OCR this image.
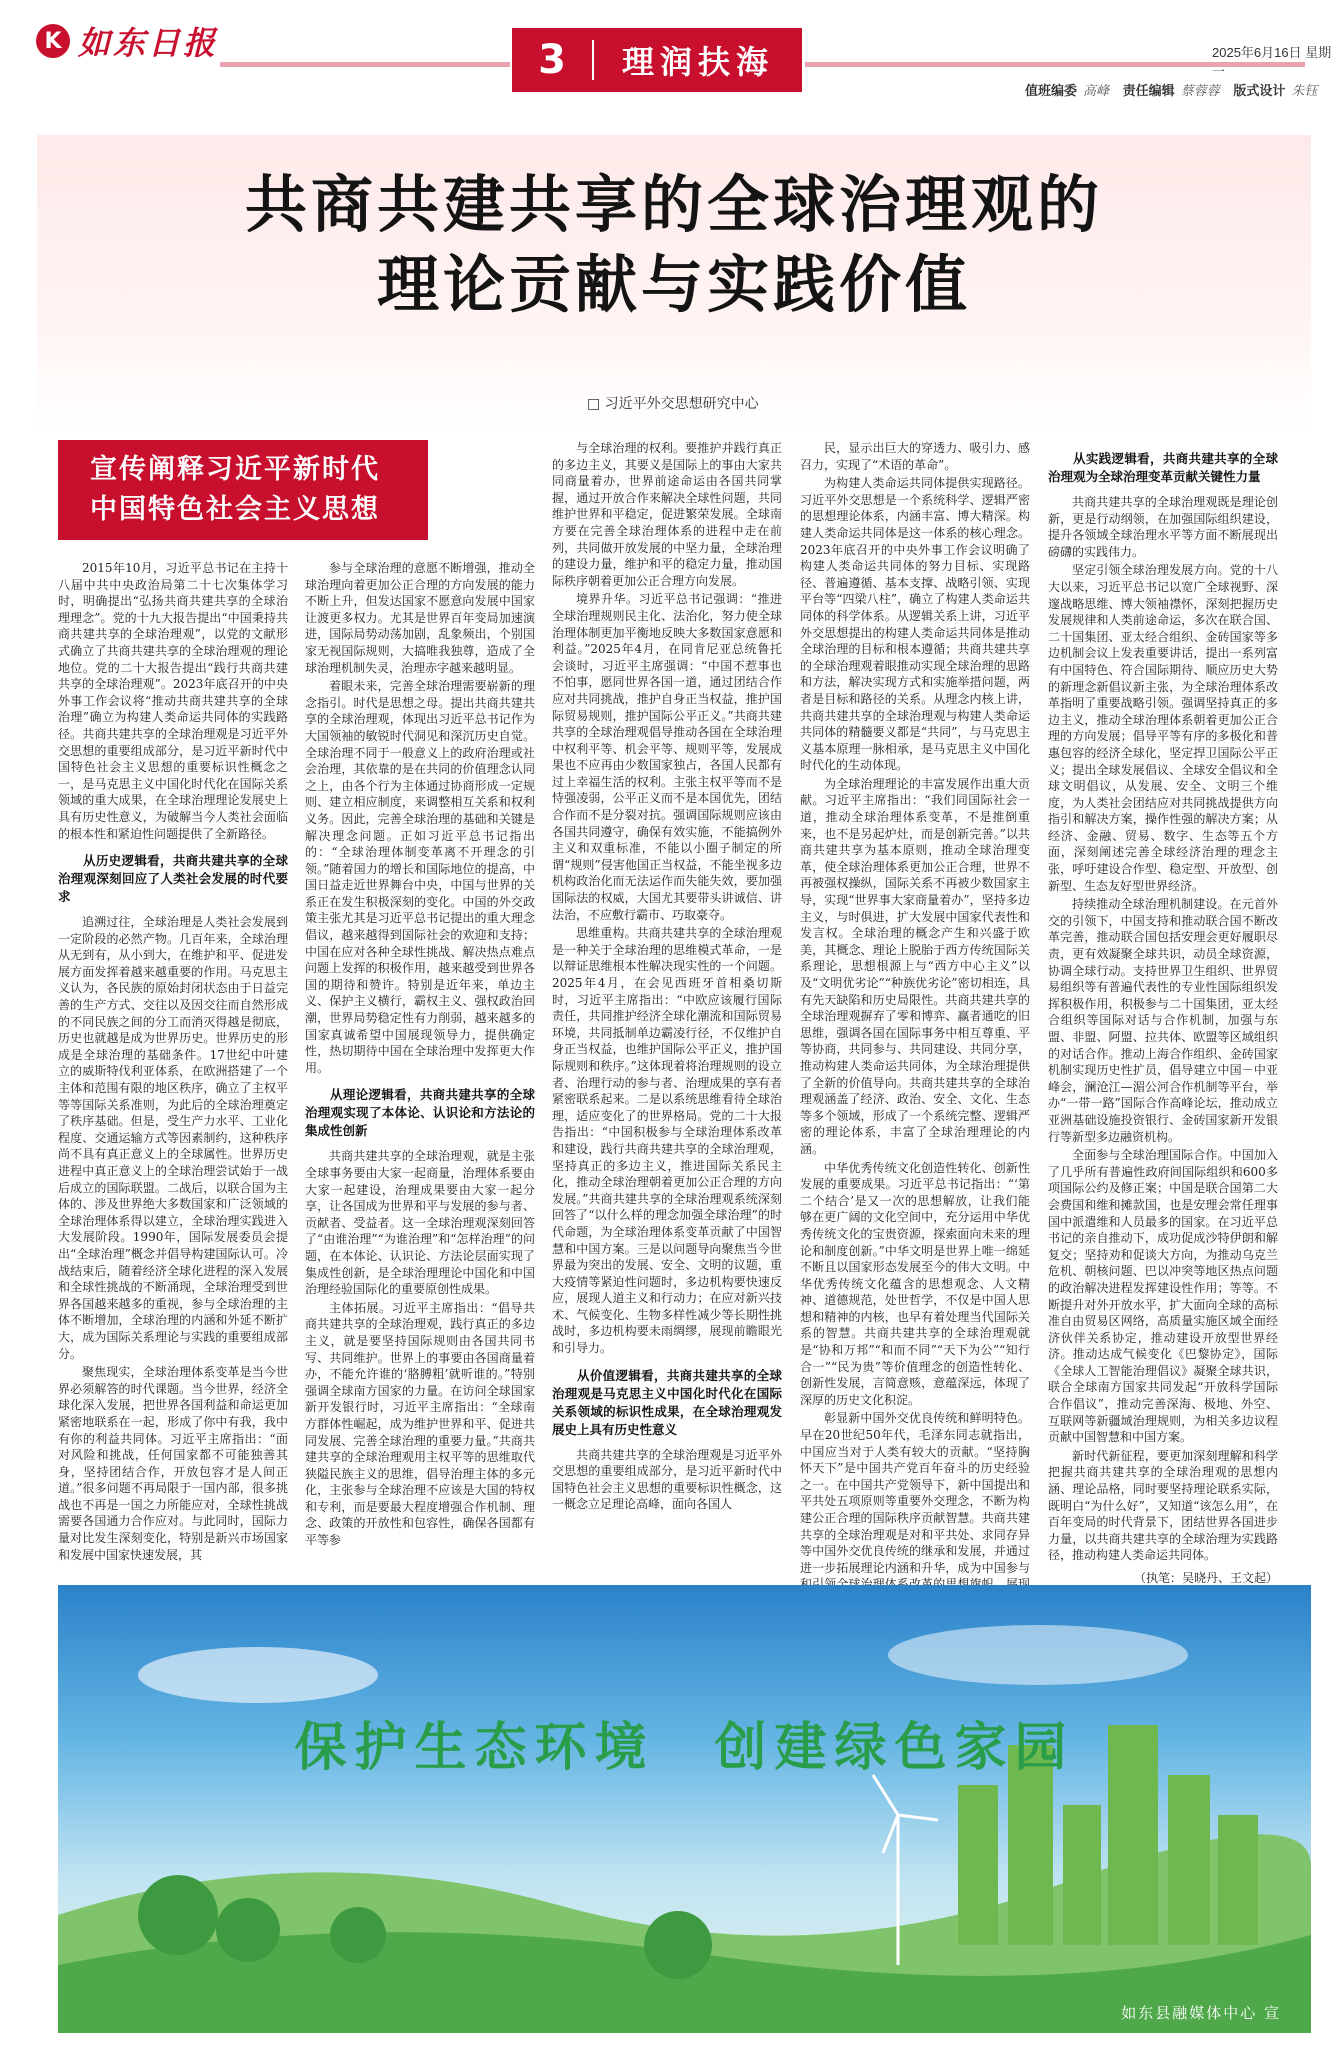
K 如东日报	3	理润扶海	2025年6月16日 星期一
值班编委 高峰 责任编辑 蔡蓉蓉 版式设计 朱钰
共商共建共享的全球治理观的
理论贡献与实践价值
□ 习近平外交思想研究中心
宣传阐释习近平新时代
中国特色社会主义思想

2015年10月，习近平总书记在主持十八届中共中央政治局第二十七次集体学习时，明确提出“弘扬共商共建共享的全球治理理念”。党的十九大报告提出“中国秉持共商共建共享的全球治理观”，以党的文献形式确立了共商共建共享的全球治理观的理论地位。党的二十大报告提出“践行共商共建共享的全球治理观”。2023年底召开的中央外事工作会议将“推动共商共建共享的全球治理”确立为构建人类命运共同体的实践路径。共商共建共享的全球治理观是习近平外交思想的重要组成部分，是习近平新时代中国特色社会主义思想的重要标识性概念之一，是马克思主义中国化时代化在国际关系领域的重大成果，在全球治理理论发展史上具有历史性意义，为破解当今人类社会面临的根本性和紧迫性问题提供了全新路径。

从历史逻辑看，共商共建共享的全球治理观深刻回应了人类社会发展的时代要求

追溯过往，全球治理是人类社会发展到一定阶段的必然产物。几百年来，全球治理从无到有，从小到大，在维护和平、促进发展方面发挥着越来越重要的作用。马克思主义认为，各民族的原始封闭状态由于日益完善的生产方式、交往以及因交往而自然形成的不同民族之间的分工而消灭得越是彻底，历史也就越是成为世界历史。世界历史的形成是全球治理的基础条件。17世纪中叶建立的威斯特伐利亚体系，在欧洲搭建了一个主体和范围有限的地区秩序，确立了主权平等等国际关系准则，为此后的全球治理奠定了秩序基础。但是，受生产力水平、工业化程度、交通运输方式等因素制约，这种秩序尚不具有真正意义上的全球属性。世界历史进程中真正意义上的全球治理尝试始于一战后成立的国际联盟。二战后，以联合国为主体的、涉及世界绝大多数国家和广泛领域的全球治理体系得以建立，全球治理实践进入大发展阶段。1990年，国际发展委员会提出“全球治理”概念并倡导构建国际认可。冷战结束后，随着经济全球化进程的深入发展和全球性挑战的不断涌现，全球治理受到世界各国越来越多的重视，参与全球治理的主体不断增加，全球治理的内涵和外延不断扩大，成为国际关系理论与实践的重要组成部分。

聚焦现实，全球治理体系变革是当今世界必须解答的时代课题。当今世界，经济全球化深入发展，把世界各国利益和命运更加紧密地联系在一起，形成了你中有我，我中有你的利益共同体。习近平主席指出：“面对风险和挑战，任何国家都不可能独善其身，坚持团结合作，开放包容才是人间正道。”很多问题不再局限于一国内部，很多挑战也不再是一国之力所能应对，全球性挑战需要各国通力合作应对。与此同时，国际力量对比发生深刻变化，特别是新兴市场国家和发展中国家快速发展，其

参与全球治理的意愿不断增强，推动全球治理向着更加公正合理的方向发展的能力不断上升，但发达国家不愿意向发展中国家让渡更多权力。尤其是世界百年变局加速演进，国际局势动荡加剧，乱象频出，个别国家无视国际规则，大搞唯我独尊，造成了全球治理机制失灵，治理赤字越来越明显。

着眼未来，完善全球治理需要崭新的理念指引。时代是思想之母。提出共商共建共享的全球治理观，体现出习近平总书记作为大国领袖的敏锐时代洞见和深沉历史自觉。全球治理不同于一般意义上的政府治理或社会治理，其依靠的是在共同的价值理念认同之上，由各个行为主体通过协商形成一定规则、建立相应制度，来调整相互关系和权利义务。因此，完善全球治理的基础和关键是解决理念问题。正如习近平总书记指出的：“全球治理体制变革离不开理念的引领。”随着国力的增长和国际地位的提高，中国日益走近世界舞台中央，中国与世界的关系正在发生积极深刻的变化。中国的外交政策主张尤其是习近平总书记提出的重大理念倡议，越来越得到国际社会的欢迎和支持；中国在应对各种全球性挑战、解决热点难点问题上发挥的积极作用，越来越受到世界各国的期待和赞许。特别是近年来，单边主义、保护主义横行，霸权主义、强权政治回潮，世界局势稳定性有力削弱，越来越多的国家真诚希望中国展现领导力，提供确定性，热切期待中国在全球治理中发挥更大作用。

从理论逻辑看，共商共建共享的全球治理观实现了本体论、认识论和方法论的集成性创新

共商共建共享的全球治理观，就是主张全球事务要由大家一起商量，治理体系要由大家一起建设，治理成果要由大家一起分享，让各国成为世界和平与发展的参与者、贡献者、受益者。这一全球治理观深刻回答了“由谁治理”“为谁治理”和“怎样治理”的问题，在本体论、认识论、方法论层面实现了集成性创新，是全球治理理论中国化和中国治理经验国际化的重要原创性成果。

主体拓展。习近平主席指出：“倡导共商共建共享的全球治理观，践行真正的多边主义，就是要坚持国际规则由各国共同书写、共同维护。世界上的事要由各国商量着办，不能允许谁的‘胳膊粗’就听谁的。”特别强调全球南方国家的力量。在访问全球国家新开发银行时，习近平主席指出：“全球南方群体性崛起，成为维护世界和平、促进共同发展、完善全球治理的重要力量。”共商共建共享的全球治理观用主权平等的思维取代狭隘民族主义的思维，倡导治理主体的多元化，主张参与全球治理不应该是大国的特权和专利，而是要最大程度增强合作机制、理念、政策的开放性和包容性，确保各国都有平等参

与全球治理的权利。要推护并践行真正的多边主义，其要义是国际上的事由大家共同商量着办，世界前途命运由各国共同掌握，通过开放合作来解决全球性问题，共同维护世界和平稳定，促进繁荣发展。全球南方要在完善全球治理体系的进程中走在前列，共同做开放发展的中坚力量，全球治理的建设力量，维护和平的稳定力量，推动国际秩序朝着更加公正合理方向发展。

境界升华。习近平总书记强调：“推进全球治理规则民主化、法治化，努力使全球治理体制更加平衡地反映大多数国家意愿和利益。”2025年4月，在同肯尼亚总统鲁托会谈时，习近平主席强调：“中国不惹事也不怕事，愿同世界各国一道，通过团结合作应对共同挑战，推护自身正当权益，推护国际贸易规则，推护国际公平正义。”共商共建共享的全球治理观倡导推动各国在全球治理中权利平等、机会平等、规则平等，发展成果也不应再由少数国家独占，各国人民都有过上幸福生活的权利。主张主权平等而不是恃强凌弱，公平正义而不是本国优先，团结合作而不是分裂对抗。强调国际规则应该由各国共同遵守，确保有效实施，不能搞例外主义和双重标准，不能以小圈子制定的所谓“规则”侵害他国正当权益，不能坐视多边机构政治化而无法运作而失能失效，要加强国际法的权威，大国尤其要带头讲诚信、讲法治，不应敷行霸市、巧取豪夺。

思维重构。共商共建共享的全球治理观是一种关于全球治理的思维模式革命，一是以辩证思维根本性解决现实性的一个问题。2025年4月，在会见西班牙首相桑切斯时，习近平主席指出：“中欧应该履行国际责任，共同推护经济全球化潮流和国际贸易环境，共同抵制单边霸凌行径，不仅维护自身正当权益，也维护国际公平正义，推护国际规则和秩序。”这体现着将治理规则的设立者、治理行动的参与者、治理成果的享有者紧密联系起来。二是以系统思维看待全球治理，适应变化了的世界格局。党的二十大报告指出：“中国积极参与全球治理体系改革和建设，践行共商共建共享的全球治理观，坚持真正的多边主义，推进国际关系民主化，推动全球治理朝着更加公正合理的方向发展。”共商共建共享的全球治理观系统深刻回答了“以什么样的理念加强全球治理”的时代命题，为全球治理体系变革贡献了中国智慧和中国方案。三是以问题导向聚焦当今世界最为突出的发展、安全、文明的议题，重大疫情等紧迫性问题时，多边机构要快速反应，展现人道主义和行动力；在应对新兴技术、气候变化、生物多样性减少等长期性挑战时，多边机构要未雨绸缪，展现前瞻眼光和引导力。

从价值逻辑看，共商共建共享的全球治理观是马克思主义中国化时代化在国际关系领域的标识性成果，在全球治理观发展史上具有历史性意义

共商共建共享的全球治理观是习近平外交思想的重要组成部分，是习近平新时代中国特色社会主义思想的重要标识性概念，这一概念立足理论高峰，面向各国人

民，显示出巨大的穿透力、吸引力、感召力，实现了“术语的革命”。

为构建人类命运共同体提供实现路径。习近平外交思想是一个系统科学、逻辑严密的思想理论体系，内涵丰富、博大精深。构建人类命运共同体是这一体系的核心理念。2023年底召开的中央外事工作会议明确了构建人类命运共同体的努力目标、实现路径、普遍遵循、基本支撑、战略引领、实现平台等“四梁八柱”，确立了构建人类命运共同体的科学体系。从逻辑关系上讲，习近平外交思想提出的构建人类命运共同体是推动全球治理的目标和根本遵循；共商共建共享的全球治理观着眼推动实现全球治理的思路和方法，解决实现方式和实施举措问题，两者是目标和路径的关系。从理念内核上讲，共商共建共享的全球治理观与构建人类命运共同体的精髓要义都是“共同”，与马克思主义基本原理一脉相承，是马克思主义中国化时代化的生动体现。

为全球治理理论的丰富发展作出重大贡献。习近平主席指出：“我们同国际社会一道，推动全球治理体系变革，不是推倒重来，也不是另起炉灶，而是创新完善。”以共商共建共享为基本原则，推动全球治理变革，使全球治理体系更加公正合理，世界不再被强权操纵，国际关系不再被少数国家主导，实现“世界事大家商量着办”，坚持多边主义，与时俱进，扩大发展中国家代表性和发言权。全球治理的概念产生和兴盛于欧美，其概念、理论上脱胎于西方传统国际关系理论，思想根源上与“西方中心主义”以及“文明优劣论”“种族优劣论”密切相连，具有先天缺陷和历史局限性。共商共建共享的全球治理观摒弃了零和博弈、赢者通吃的旧思维，强调各国在国际事务中相互尊重、平等协商，共同参与、共同建设、共同分享，推动构建人类命运共同体，为全球治理提供了全新的价值导向。共商共建共享的全球治理观涵盖了经济、政治、安全、文化、生态等多个领域，形成了一个系统完整、逻辑严密的理论体系，丰富了全球治理理论的内涵。

中华优秀传统文化创造性转化、创新性发展的重要成果。习近平总书记指出：“‘第二个结合’是又一次的思想解放，让我们能够在更广阔的文化空间中，充分运用中华优秀传统文化的宝贵资源，探索面向未来的理论和制度创新。”中华文明是世界上唯一绵延不断且以国家形态发展至今的伟大文明。中华优秀传统文化蕴含的思想观念、人文精神、道德规范，处世哲学，不仅是中国人思想和精神的内核，也早有着处理当代国际关系的智慧。共商共建共享的全球治理观就是“协和万邦”“和而不同”“天下为公”“知行合一”“民为贵”等价值理念的创造性转化、创新性发展，言简意赅，意蕴深远，体现了深厚的历史文化积淀。

彰显新中国外交优良传统和鲜明特色。早在20世纪50年代，毛泽东同志就指出，中国应当对于人类有较大的贡献。“坚持胸怀天下”是中国共产党百年奋斗的历史经验之一。在中国共产党领导下，新中国提出和平共处五项原则等重要外交理念，不断为构建公正合理的国际秩序贡献智慧。共商共建共享的全球治理观是对和平共处、求同存异等中国外交优良传统的继承和发展，并通过进一步拓展理论内涵和升华，成为中国参与

从实践逻辑看，共商共建共享的全球治理观为全球治理变革贡献关键性力量

共商共建共享的全球治理观既是理论创新，更是行动纲领，在加强国际组织建设，提升各领域全球治理水平等方面不断展现出磅礴的实践伟力。

坚定引领全球治理发展方向。党的十八大以来，习近平总书记以宽广全球视野、深邃战略思维、博大领袖襟怀，深刻把握历史发展规律和人类前途命运，多次在联合国、二十国集团、亚太经合组织、金砖国家等多边机制会议上发表重要讲话，提出一系列富有中国特色、符合国际期待、顺应历史大势的新理念新倡议新主张，为全球治理体系改革指明了重要战略引领。强调坚持真正的多边主义，推动全球治理体系朝着更加公正合理的方向发展；倡导平等有序的多极化和普惠包容的经济全球化，坚定捍卫国际公平正义；提出全球发展倡议、全球安全倡议和全球文明倡议，从发展、安全、文明三个维度，为人类社会团结应对共同挑战提供方向指引和解决方案，操作性强的解决方案；从经济、金融、贸易、数字、生态等五个方面，深刻阐述完善全球经济治理的理念主张，呼吁建设合作型、稳定型、开放型、创新型、生态友好型世界经济。

持续推动全球治理机制建设。在元首外交的引领下，中国支持和推动联合国不断改革完善，推动联合国包括安理会更好履职尽责，更有效凝聚全球共识，动员全球资源，协调全球行动。支持世界卫生组织、世界贸易组织等有普遍代表性的专业性国际组织发挥积极作用，积极参与二十国集团，亚太经合组织等国际对话与合作机制，加强与东盟、非盟、阿盟、拉共体、欧盟等区域组织的对话合作。推动上海合作组织、金砖国家机制实现历史性扩员，倡导建立中国－中亚峰会，澜沧江—湄公河合作机制等平台，举办“一带一路”国际合作高峰论坛，推动成立亚洲基础设施投资银行、金砖国家新开发银行等新型多边融资机构。

全面参与全球治理国际合作。中国加入了几乎所有普遍性政府间国际组织和600多项国际公约及修正案；中国是联合国第二大会费国和维和摊款国，也是安理会常任理事国中派遣维和人员最多的国家。在习近平总书记的亲自推动下，成功促成沙特伊朗和解复交；坚持劝和促谈大方向，为推动乌克兰危机、朝核问题、巴以冲突等地区热点问题的政治解决进程发挥建设性作用；等等。不断提升对外开放水平，扩大面向全球的高标准自由贸易区网络，高质量实施区域全面经济伙伴关系协定，推动建设开放型世界经济。推动达成气候变化《巴黎协定》，国际《全球人工智能治理倡议》凝聚全球共识，联合全球南方国家共同发起“开放科学国际合作倡议”，推动完善深海、极地、外空、互联网等新疆域治理规则，为相关多边议程贡献中国智慧和中国方案。

新时代新征程，要更加深刻理解和科学把握共商共建共享的全球治理观的思想内涵、理论品格，同时要坚持理论联系实际，既明白“为什么好”，又知道“该怎么用”，在百年变局的时代背景下，团结世界各国进步力量，以共商共建共享的全球治理为实践路径，推动构建人类命运共同体。

（执笔：吴晓丹、王文起）
保护生态环境　创建绿色家园
如东县融媒体中心 宣
